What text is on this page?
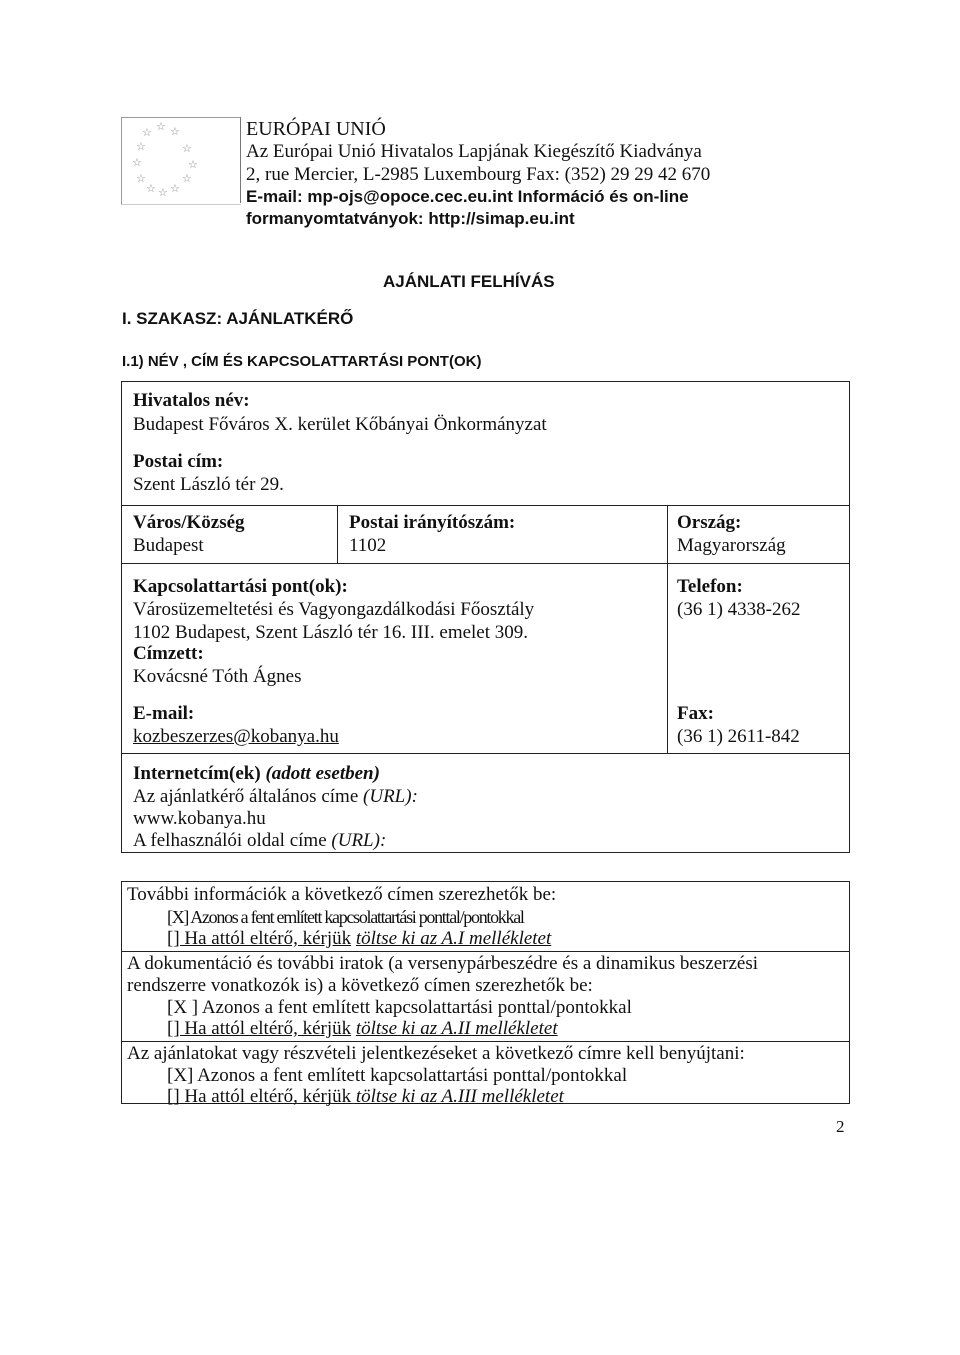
☆ ☆ ☆
☆	☆
☆	☆
☆	☆
☆ ☆ ☆
EURÓPAI UNIÓ
Az Európai Unió Hivatalos Lapjának Kiegészítő Kiadványa
2, rue Mercier, L-2985 Luxembourg Fax: (352) 29 29 42 670
E-mail: mp-ojs@opoce.cec.eu.int Információ és on-line
formanyomtatványok: http://simap.eu.int
AJÁNLATI FELHÍVÁS
I. SZAKASZ: AJÁNLATKÉRŐ
I.1) NÉV , CÍM ÉS KAPCSOLATTARTÁSI PONT(OK)
Hivatalos név:
Budapest Főváros X. kerület Kőbányai Önkormányzat
Postai cím:
Szent László tér 29.
Város/Község
Budapest
Postai irányítószám:
1102
Ország:
Magyarország
Kapcsolattartási pont(ok):
Városüzemeltetési és Vagyongazdálkodási Főosztály
1102 Budapest, Szent László tér 16. III. emelet 309.
Címzett:
Kovácsné Tóth Ágnes
Telefon:
(36 1) 4338-262
E-mail:
kozbeszerzes@kobanya.hu
Fax:
(36 1) 2611-842
Internetcím(ek) (adott esetben)
Az ajánlatkérő általános címe (URL):
www.kobanya.hu
A felhasználói oldal címe (URL):
További információk a következő címen szerezhetők be:
[X] Azonos a fent említett kapcsolattartási ponttal/pontokkal
[] Ha attól eltérő, kérjük töltse ki az A.I mellékletet
A dokumentáció és további iratok (a versenypárbeszédre és a dinamikus beszerzési
rendszerre vonatkozók is) a következő címen szerezhetők be:
[X ] Azonos a fent említett kapcsolattartási ponttal/pontokkal
[] Ha attól eltérő, kérjük töltse ki az A.II mellékletet
Az ajánlatokat vagy részvételi jelentkezéseket a következő címre kell benyújtani:
[X] Azonos a fent említett kapcsolattartási ponttal/pontokkal
[] Ha attól eltérő, kérjük töltse ki az A.III mellékletet
2
